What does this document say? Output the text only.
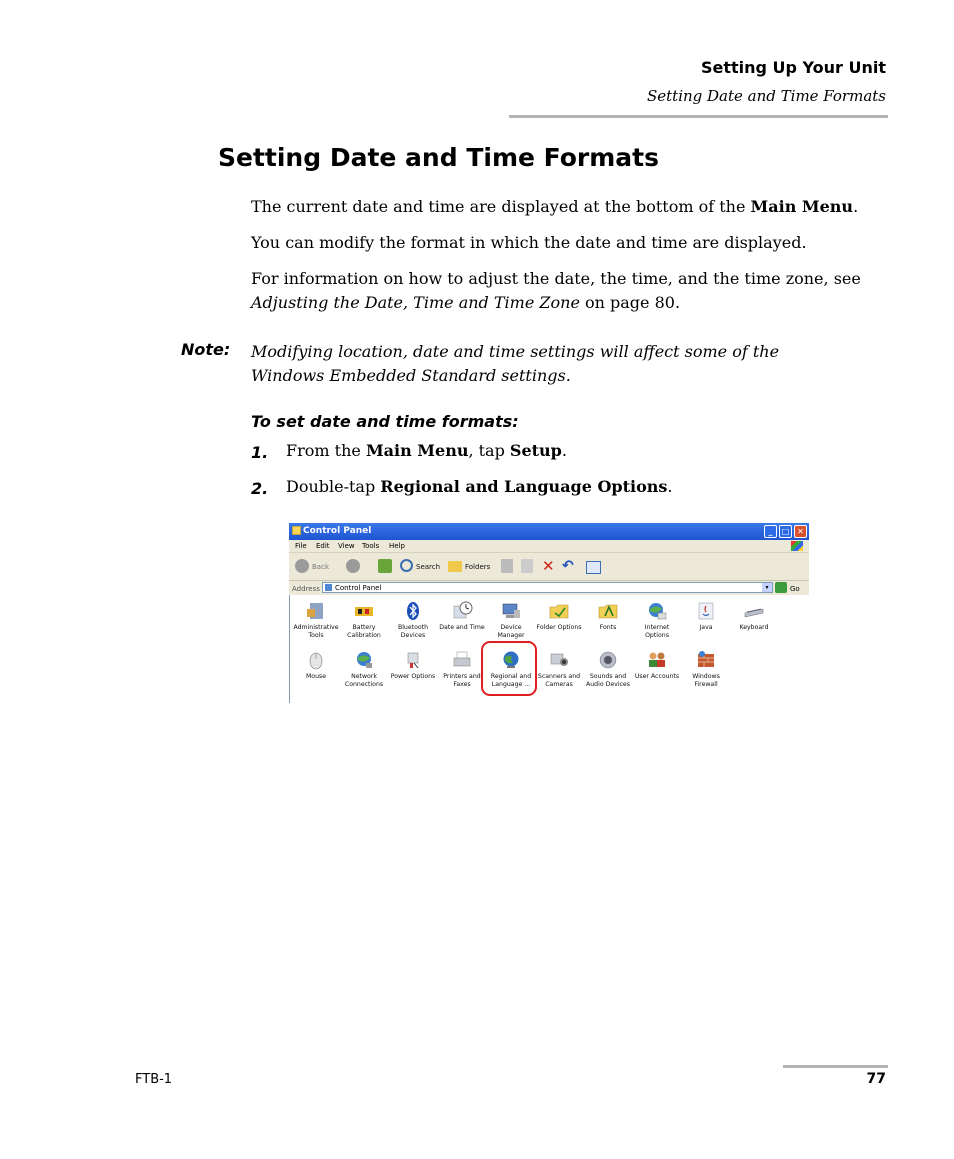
Setting Up Your Unit
Setting Date and Time Formats
Setting Date and Time Formats
The current date and time are displayed at the bottom of the Main Menu.
You can modify the format in which the date and time are displayed.
For information on how to adjust the date, the time, and the time zone, see Adjusting the Date, Time and Time Zone on page 80.
Note: Modifying location, date and time settings will affect some of the Windows Embedded Standard settings.
To set date and time formats:
1. From the Main Menu, tap Setup.
2. Double-tap Regional and Language Options.
Control Panel	_	□ ✕
File Edit View Tools Help
Back	Search	Folders	✕ ↶
Address Control Panel	▾	Go
Administrative
Tools
Battery
Calibration
Bluetooth
Devices
Date and Time	Device
Manager
Folder Options	Fonts	Internet
Options
Java	Keyboard

Mouse	Network
Connections
Power Options	Printers and
Faxes
Regional and
Language ...
Scanners and
Cameras
Sounds and
Audio Devices
User Accounts	Windows
Firewall
FTB-1	77
